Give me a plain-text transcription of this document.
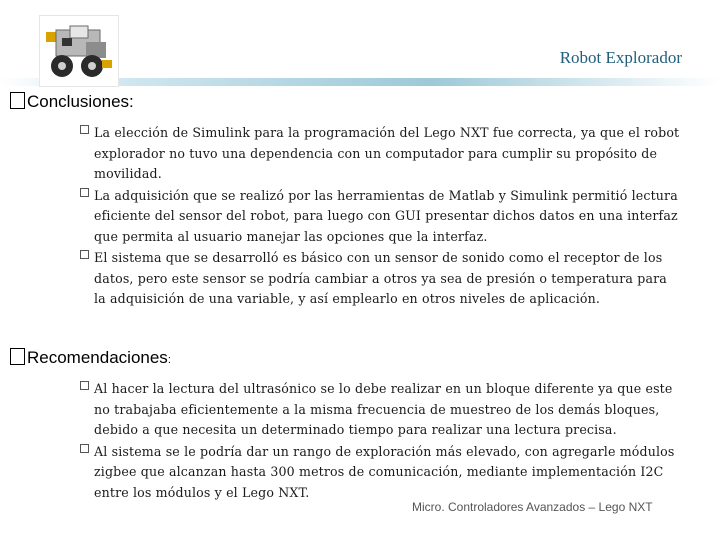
Robot Explorador
Conclusiones:
La elección de Simulink para la programación del Lego NXT fue correcta, ya que el robot explorador no tuvo una dependencia con un computador para cumplir su propósito de movilidad.
La adquisición que se realizó por las herramientas de Matlab y Simulink permitió lectura eficiente del sensor del robot, para luego con GUI presentar dichos datos en una interfaz que permita al usuario manejar las opciones que la interfaz.
El sistema que se desarrolló es básico con un sensor de sonido como el receptor de los datos, pero este sensor se podría cambiar a otros ya sea de presión o temperatura para la adquisición de una variable, y así emplearlo en otros niveles de aplicación.
Recomendaciones:
Al hacer la lectura del ultrasónico se lo debe realizar en un bloque diferente ya que este no trabajaba eficientemente a la misma frecuencia de muestreo de los demás bloques, debido a que necesita un determinado tiempo para realizar una lectura precisa.
Al sistema se le podría dar un rango de exploración más elevado, con agregarle módulos zigbee que alcanzan hasta 300 metros de comunicación, mediante implementación I2C entre los módulos y el Lego NXT.
Micro. Controladores Avanzados – Lego NXT
